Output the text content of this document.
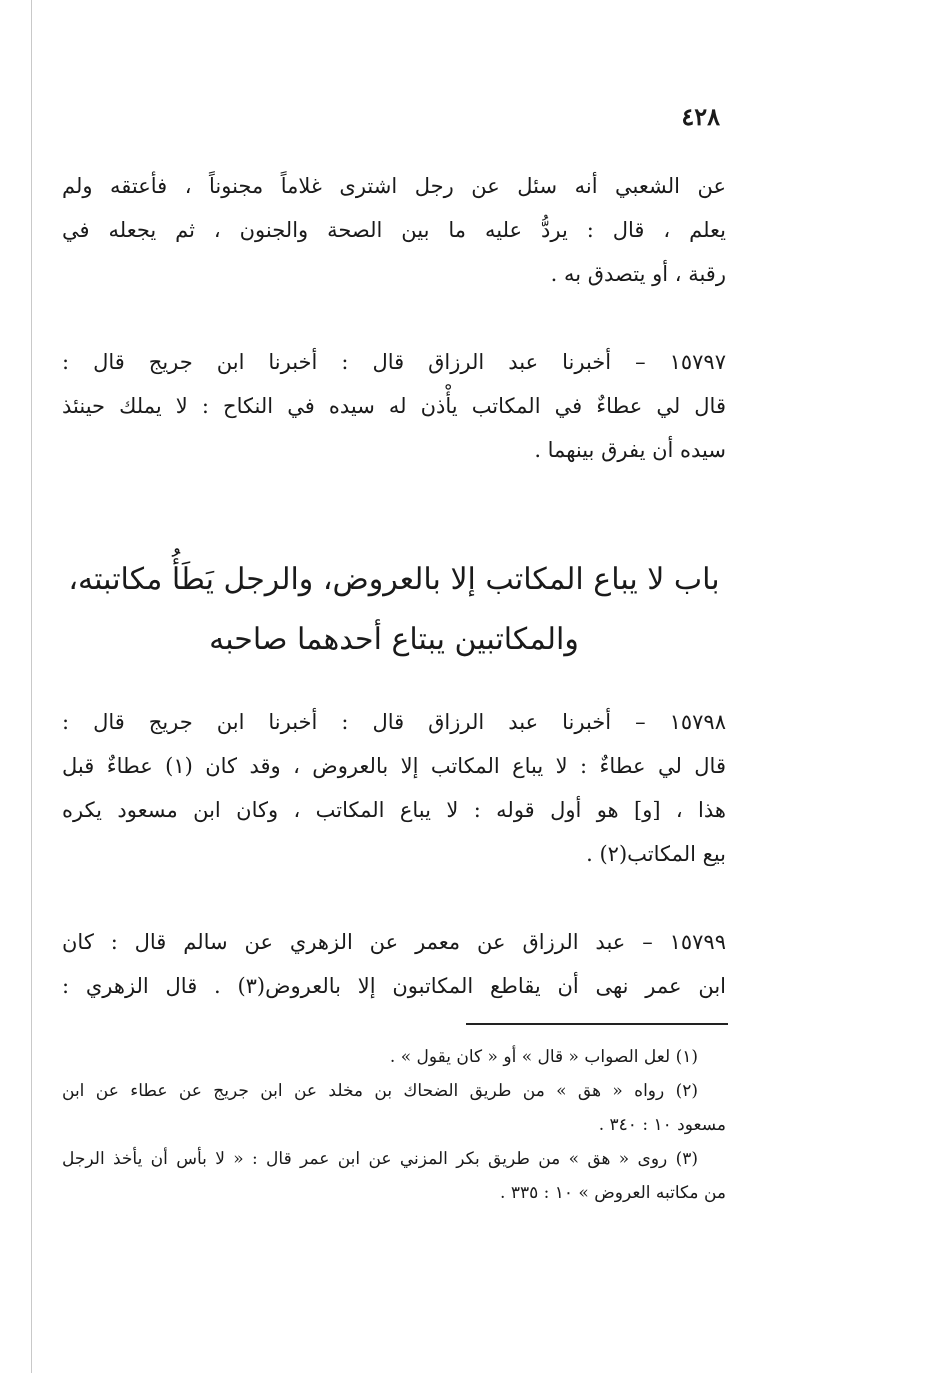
٤٢٨
عن الشعبي أنه سئل عن رجل اشترى غلاماً مجنوناً ، فأعتقه ولم
يعلم ، قال : يردُّ عليه ما بين الصحة والجنون ، ثم يجعله في
رقبة ، أو يتصدق به .
١٥٧٩٧ – أخبرنا عبد الرزاق قال : أخبرنا ابن جريج قال :
قال لي عطاءٌ في المكاتب يأْذن له سيده في النكاح : لا يملك حينئذ
سيده أن يفرق بينهما .
باب لا يباع المكاتب إلا بالعروض، والرجل يَطَأُ مكاتبته،
والمكاتبين يبتاع أحدهما صاحبه
١٥٧٩٨ – أخبرنا عبد الرزاق قال : أخبرنا ابن جريج قال :
قال لي عطاءٌ : لا يباع المكاتب إلا بالعروض ، وقد كان (١) عطاءٌ قبل
هذا ، [و] هو أول قوله : لا يباع المكاتب ، وكان ابن مسعود يكره
بيع المكاتب(٢) .
١٥٧٩٩ – عبد الرزاق عن معمر عن الزهري عن سالم قال : كان
ابن عمر نهى أن يقاطع المكاتبون إلا بالعروض(٣) . قال الزهري :
(١) لعل الصواب « قال » أو « كان يقول » .
(٢) رواه « هق » من طريق الضحاك بن مخلد عن ابن جريج عن عطاء عن ابن
مسعود ١٠ : ٣٤٠ .
(٣) روى « هق » من طريق بكر المزني عن ابن عمر قال : « لا بأس أن يأخذ الرجل
من مكاتبه العروض » ١٠ : ٣٣٥ .
